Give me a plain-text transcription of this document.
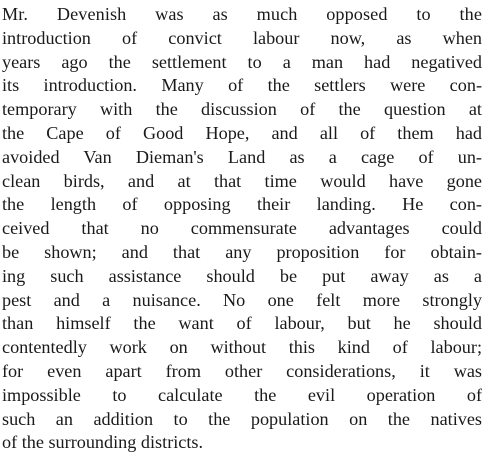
Mr. Devenish was as much opposed to the
introduction of convict labour now, as when
years ago the settlement to a man had negatived
its introduction. Many of the settlers were con-
temporary with the discussion of the question at
the Cape of Good Hope, and all of them had
avoided Van Dieman's Land as a cage of un-
clean birds, and at that time would have gone
the length of opposing their landing. He con-
ceived that no commensurate advantages could
be shown; and that any proposition for obtain-
ing such assistance should be put away as a
pest and a nuisance. No one felt more strongly
than himself the want of labour, but he should
contentedly work on without this kind of labour;
for even apart from other considerations, it was
impossible to calculate the evil operation of
such an addition to the population on the natives
of the surrounding districts.
